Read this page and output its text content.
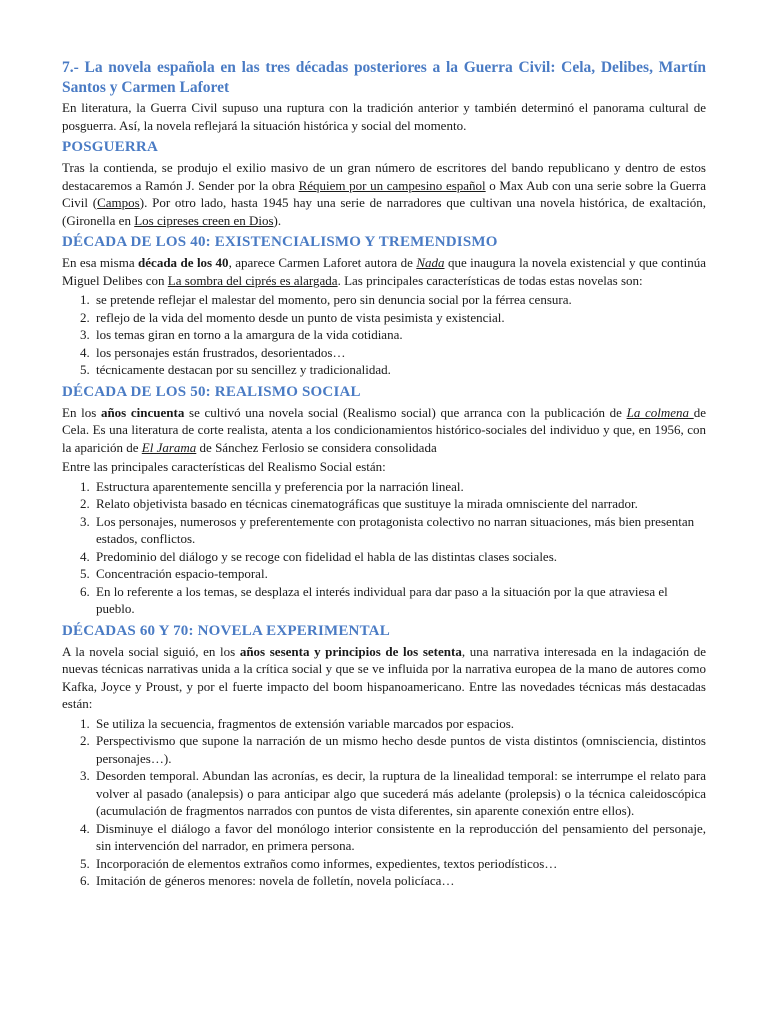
7.- La novela española en las tres décadas posteriores a la Guerra Civil: Cela, Delibes, Martín Santos y Carmen Laforet

En literatura, la Guerra Civil supuso una ruptura con la tradición anterior y también determinó el panorama cultural de posguerra. Así, la novela reflejará la situación histórica y social del momento.

POSGUERRA

Tras la contienda, se produjo el exilio masivo de un gran número de escritores del bando republicano y dentro de estos destacaremos a Ramón J. Sender por la obra Réquiem por un campesino español o Max Aub con una serie sobre la Guerra Civil (Campos). Por otro lado, hasta 1945 hay una serie de narradores que cultivan una novela histórica, de exaltación, (Gironella en Los cipreses creen en Dios).

DÉCADA DE LOS 40: EXISTENCIALISMO Y TREMENDISMO

En esa misma década de los 40, aparece Carmen Laforet autora de Nada que inaugura la novela existencial y que continúa Miguel Delibes con La sombra del ciprés es alargada. Las principales características de todas estas novelas son:

1. se pretende reflejar el malestar del momento, pero sin denuncia social por la férrea censura.
2. reflejo de la vida del momento desde un punto de vista pesimista y existencial.
3. los temas giran en torno a la amargura de la vida cotidiana.
4. los personajes están frustrados, desorientados…
5. técnicamente destacan por su sencillez y tradicionalidad.
DÉCADA DE LOS 50: REALISMO SOCIAL

En los años cincuenta se cultivó una novela social (Realismo social) que arranca con la publicación de La colmena de Cela. Es una literatura de corte realista, atenta a los condicionamientos histórico-sociales del individuo y que, en 1956, con la aparición de El Jarama de Sánchez Ferlosio se considera consolidada

Entre las principales características del Realismo Social están:

1. Estructura aparentemente sencilla y preferencia por la narración lineal.
2. Relato objetivista basado en técnicas cinematográficas que sustituye la mirada omnisciente del narrador.
3. Los personajes, numerosos y preferentemente con protagonista colectivo no narran situaciones, más bien presentan estados, conflictos.
4. Predominio del diálogo y se recoge con fidelidad el habla de las distintas clases sociales.
5. Concentración espacio-temporal.
6. En lo referente a los temas, se desplaza el interés individual para dar paso a la situación por la que atraviesa el pueblo.
DÉCADAS 60 Y 70: NOVELA EXPERIMENTAL

A la novela social siguió, en los años sesenta y principios de los setenta, una narrativa interesada en la indagación de nuevas técnicas narrativas unida a la crítica social y que se ve influida por la narrativa europea de la mano de autores como Kafka, Joyce y Proust, y por el fuerte impacto del boom hispanoamericano. Entre las novedades técnicas más destacadas están:

1. Se utiliza la secuencia, fragmentos de extensión variable marcados por espacios.
2. Perspectivismo que supone la narración de un mismo hecho desde puntos de vista distintos (omnisciencia, distintos personajes…).
3. Desorden temporal. Abundan las acronías, es decir, la ruptura de la linealidad temporal: se interrumpe el relato para volver al pasado (analepsis) o para anticipar algo que sucederá más adelante (prolepsis) o la técnica caleidoscópica (acumulación de fragmentos narrados con puntos de vista diferentes, sin aparente conexión entre ellos).
4. Disminuye el diálogo a favor del monólogo interior consistente en la reproducción del pensamiento del personaje, sin intervención del narrador, en primera persona.
5. Incorporación de elementos extraños como informes, expedientes, textos periodísticos…
6. Imitación de géneros menores: novela de folletín, novela policíaca…
